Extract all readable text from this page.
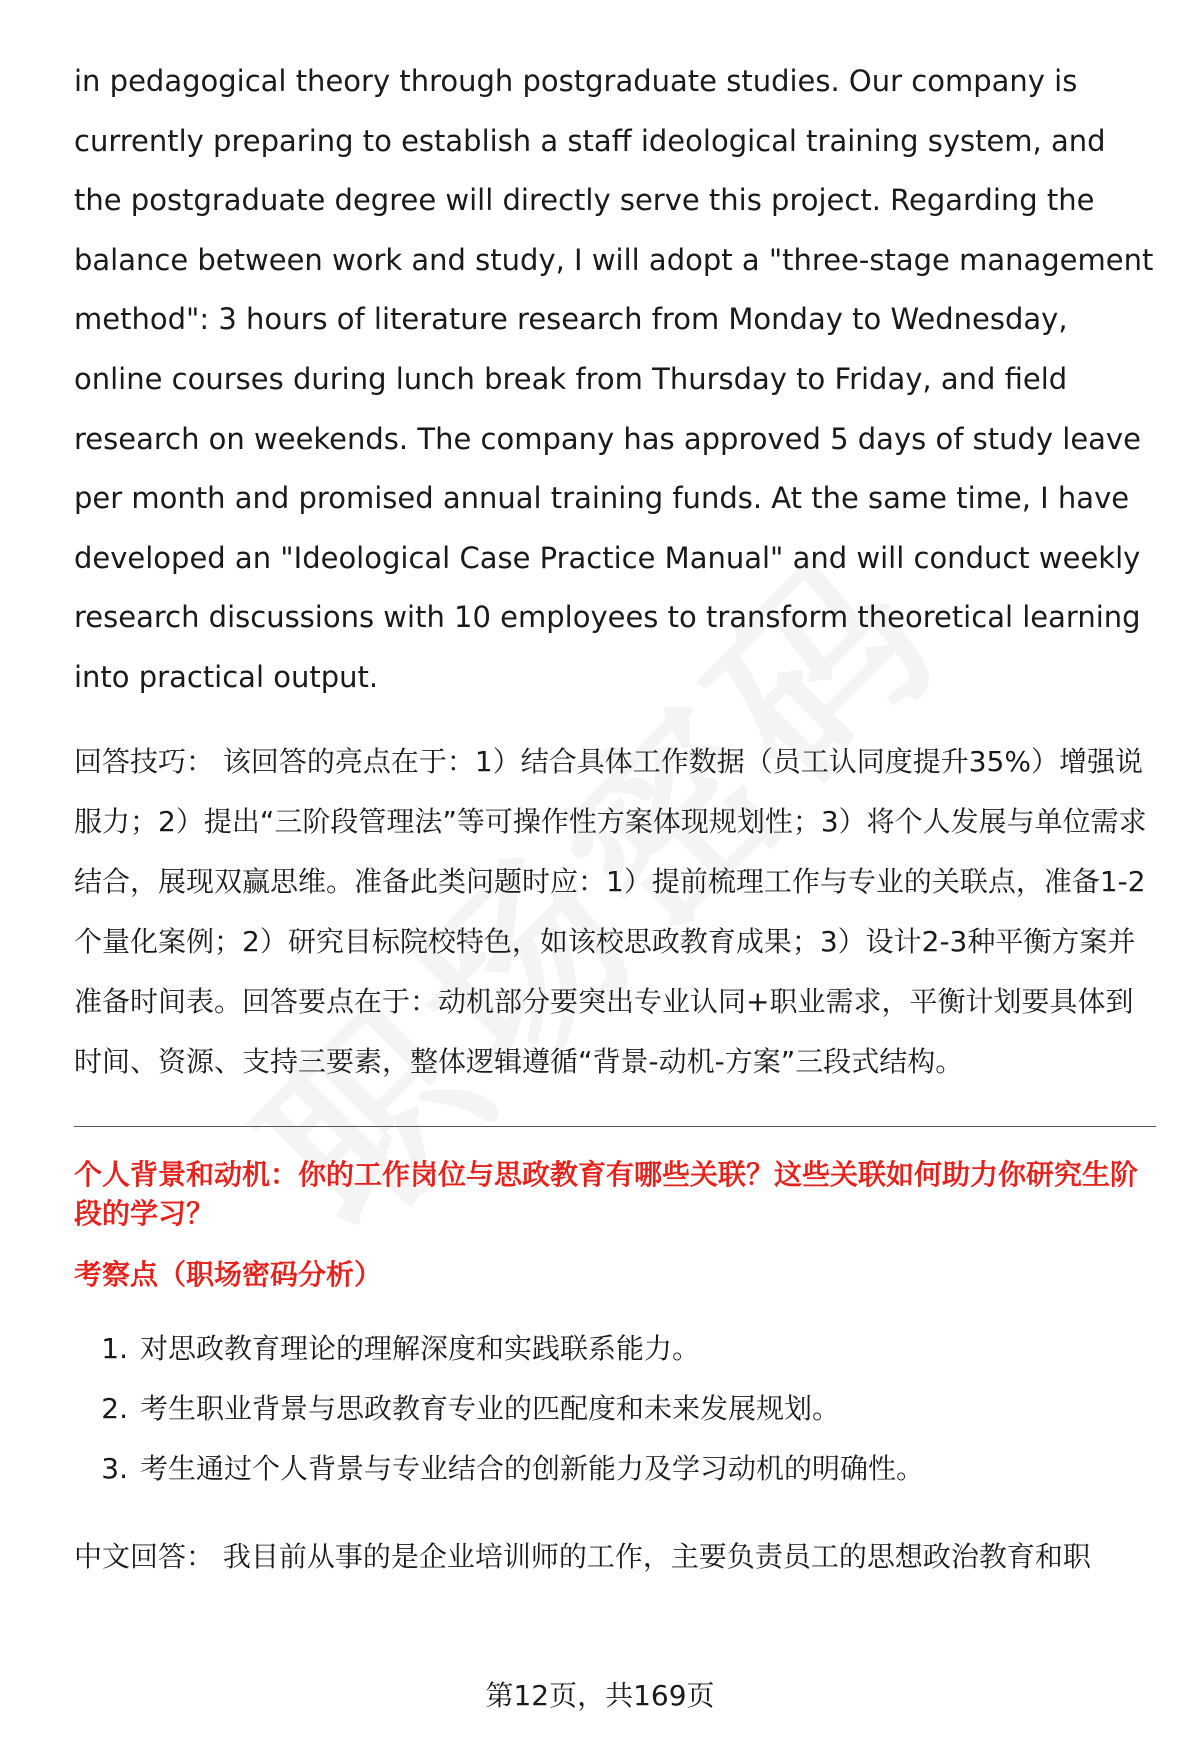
in pedagogical theory through postgraduate studies. Our company is currently preparing to establish a staff ideological training system, and the postgraduate degree will directly serve this project. Regarding the balance between work and study, I will adopt a "three-stage management method": 3 hours of literature research from Monday to Wednesday, online courses during lunch break from Thursday to Friday, and field research on weekends. The company has approved 5 days of study leave per month and promised annual training funds. At the same time, I have developed an "Ideological Case Practice Manual" and will conduct weekly research discussions with 10 employees to transform theoretical learning into practical output.

回答技巧： 该回答的亮点在于：1）结合具体工作数据（员工认同度提升35%）增强说服力；2）提出“三阶段管理法”等可操作性方案体现规划性；3）将个人发展与单位需求结合，展现双赢思维。准备此类问题时应：1）提前梳理工作与专业的关联点，准备1-2个量化案例；2）研究目标院校特色，如该校思政教育成果；3）设计2-3种平衡方案并准备时间表。回答要点在于：动机部分要突出专业认同+职业需求，平衡计划要具体到时间、资源、支持三要素，整体逻辑遵循“背景-动机-方案”三段式结构。

个人背景和动机：你的工作岗位与思政教育有哪些关联？这些关联如何助力你研究生阶段的学习？
考察点（职场密码分析）
1. 对思政教育理论的理解深度和实践联系能力。
2. 考生职业背景与思政教育专业的匹配度和未来发展规划。
3. 考生通过个人背景与专业结合的创新能力及学习动机的明确性。

中文回答： 我目前从事的是企业培训师的工作，主要负责员工的思想政治教育和职

第12页，共169页
